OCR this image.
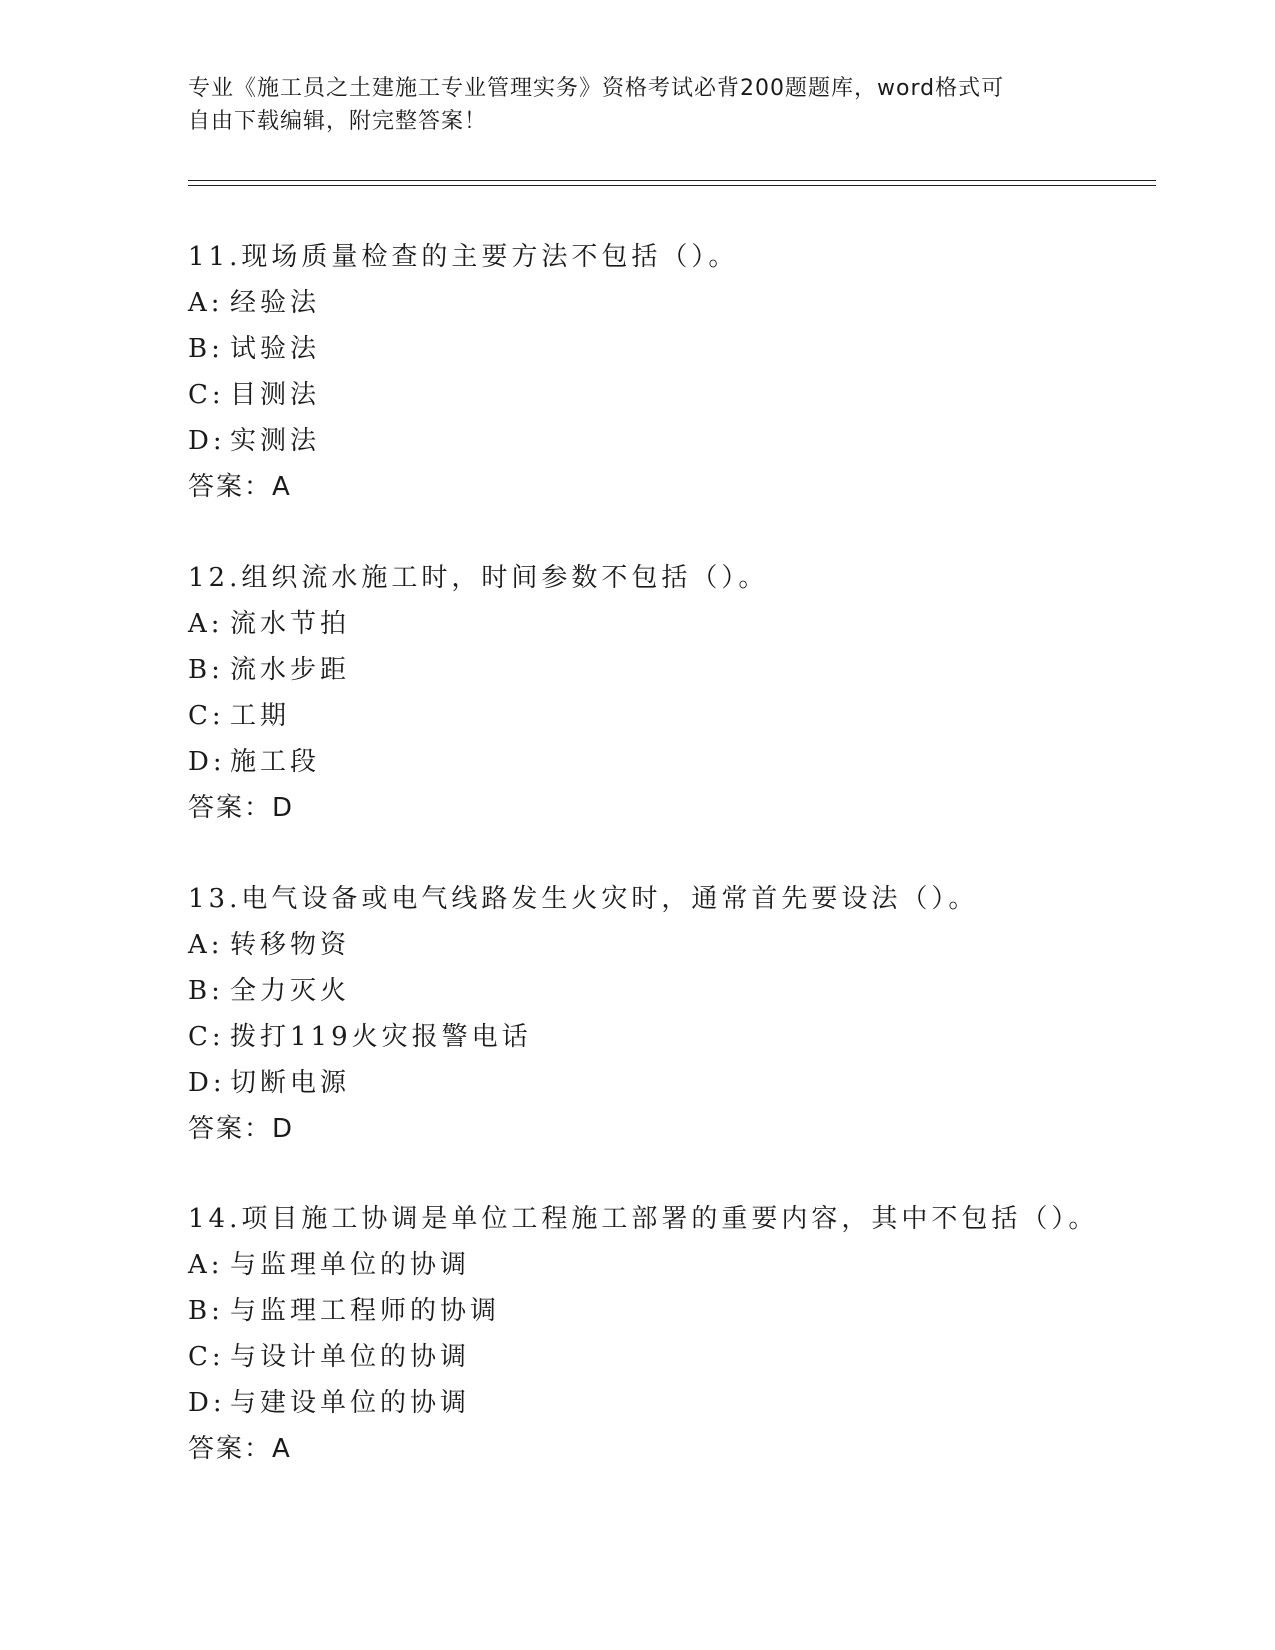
专业《施工员之土建施工专业管理实务》资格考试必背200题题库，word格式可
自由下载编辑，附完整答案！
11.现场质量检查的主要方法不包括（）。
A: 经验法
B: 试验法
C: 目测法
D: 实测法
答案：A
12.组织流水施工时，时间参数不包括（）。
A: 流水节拍
B: 流水步距
C: 工期
D: 施工段
答案：D
13.电气设备或电气线路发生火灾时，通常首先要设法（）。
A: 转移物资
B: 全力灭火
C: 拨打119火灾报警电话
D: 切断电源
答案：D
14.项目施工协调是单位工程施工部署的重要内容，其中不包括（）。
A: 与监理单位的协调
B: 与监理工程师的协调
C: 与设计单位的协调
D: 与建设单位的协调
答案：A
